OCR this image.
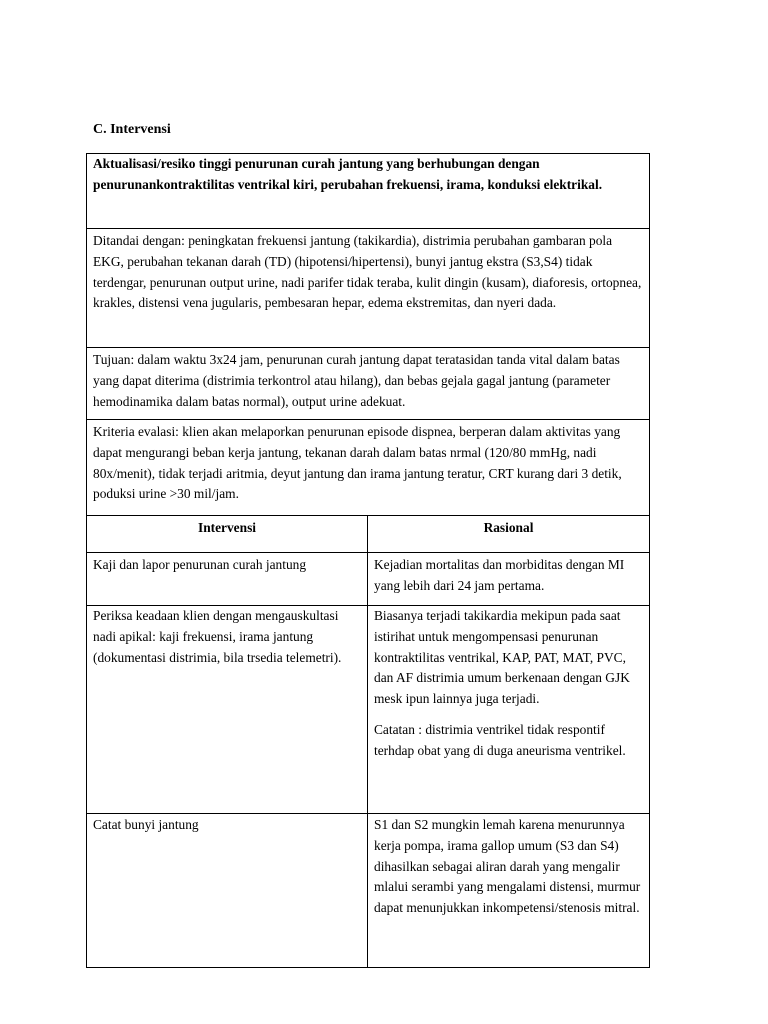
C. Intervensi
Aktualisasi/resiko tinggi penurunan curah jantung yang berhubungan dengan penurunankontraktilitas ventrikal kiri, perubahan frekuensi, irama, konduksi elektrikal.	
Ditandai dengan: peningkatan frekuensi jantung (takikardia), distrimia perubahan gambaran pola EKG, perubahan tekanan darah (TD) (hipotensi/hipertensi), bunyi jantug ekstra (S3,S4) tidak terdengar, penurunan output urine, nadi parifer tidak teraba, kulit dingin (kusam), diaforesis, ortopnea, krakles, distensi vena jugularis, pembesaran hepar, edema ekstremitas, dan nyeri dada.	
Tujuan: dalam waktu 3x24 jam, penurunan curah jantung dapat teratasidan tanda vital dalam batas yang dapat diterima (distrimia terkontrol atau hilang), dan bebas gejala gagal jantung (parameter hemodinamika dalam batas normal), output urine adekuat.	
Kriteria evalasi: klien akan melaporkan penurunan episode dispnea, berperan dalam aktivitas yang dapat mengurangi beban kerja jantung, tekanan darah dalam batas nrmal (120/80 mmHg, nadi 80x/menit), tidak terjadi aritmia, deyut jantung dan irama jantung teratur, CRT kurang dari 3 detik, poduksi urine >30 mil/jam.	
Intervensi	Rasional
Kaji dan lapor penurunan curah jantung	Kejadian mortalitas dan morbiditas dengan MI yang lebih dari 24 jam pertama.

Periksa keadaan klien dengan mengauskultasi nadi apikal: kaji frekuensi, irama jantung (dokumentasi distrimia, bila trsedia telemetri).	Biasanya terjadi takikardia mekipun pada saat istirihat untuk mengompensasi penurunan kontraktilitas ventrikal, KAP, PAT, MAT, PVC, dan AF distrimia umum berkenaan dengan GJK mesk ipun lainnya juga terjadi.
Catatan : distrimia ventrikel tidak respontif terhdap obat yang di duga aneurisma ventrikel.

Catat bunyi jantung	S1 dan S2 mungkin lemah karena menurunnya kerja pompa, irama gallop umum (S3 dan S4) dihasilkan sebagai aliran darah yang mengalir mlalui serambi yang mengalami distensi, murmur dapat menunjukkan inkompetensi/stenosis mitral.
